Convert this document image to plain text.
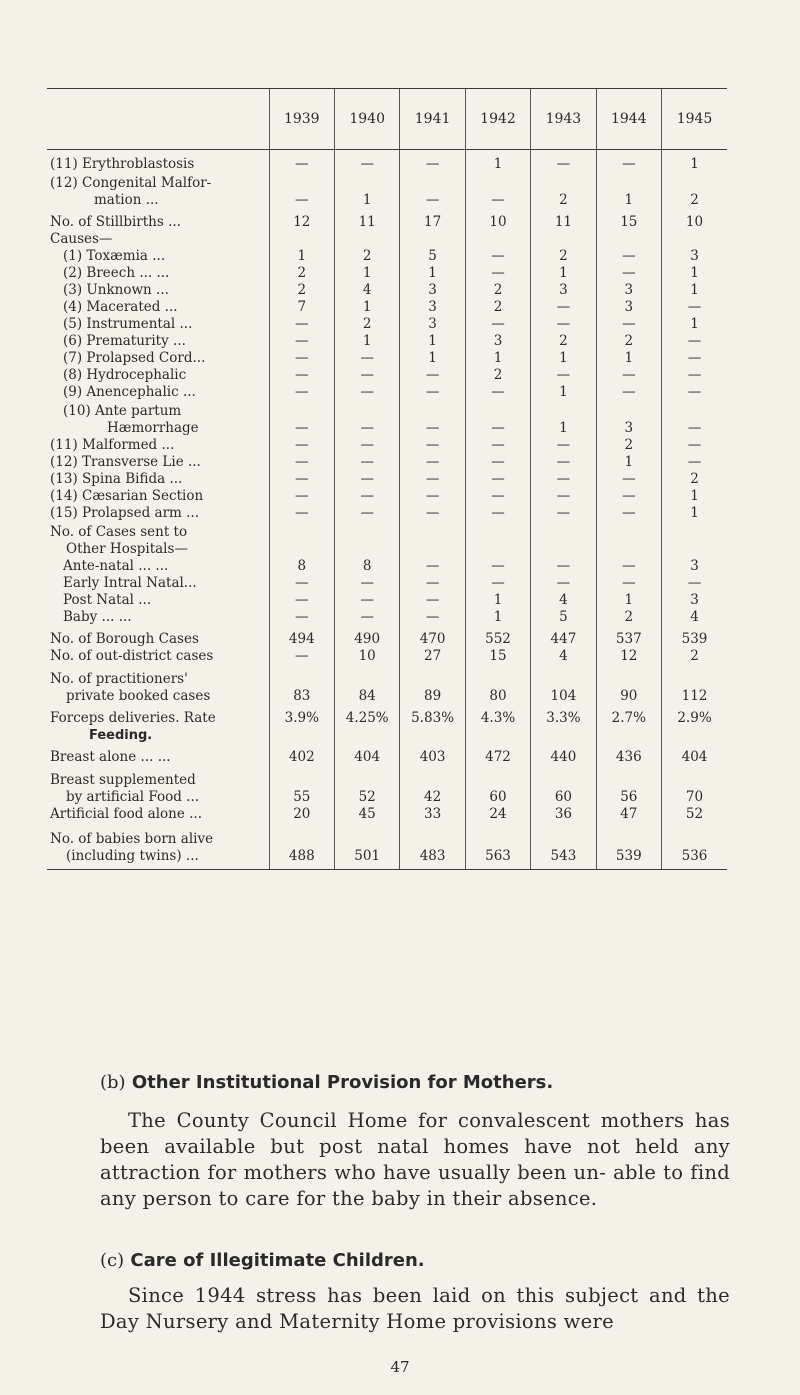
	1939	1940	1941	1942	1943	1944	1945

(11) Erythroblastosis	—	—	—	1	—	—	1

(12) Congenital Malfor-
mation ...	—	1	—	—	2	1	2

No. of Stillbirths ...	12	11	17	10	11	15	10

Causes—							

(1) Toxæmia ...	1	2	5	—	2	—	3

(2) Breech ... ...	2	1	1	—	1	—	1

(3) Unknown ...	2	4	3	2	3	3	1

(4) Macerated ...	7	1	3	2	—	3	—

(5) Instrumental ...	—	2	3	—	—	—	1

(6) Prematurity ...	—	1	1	3	2	2	—

(7) Prolapsed Cord...	—	—	1	1	1	1	—

(8) Hydrocephalic	—	—	—	2	—	—	—

(9) Anencephalic ...	—	—	—	—	1	—	—

(10) Ante partum
Hæmorrhage	—	—	—	—	1	3	—

(11) Malformed ...	—	—	—	—	—	2	—

(12) Transverse Lie ...	—	—	—	—	—	1	—

(13) Spina Bifida ...	—	—	—	—	—	—	2

(14) Cæsarian Section	—	—	—	—	—	—	1

(15) Prolapsed arm ...	—	—	—	—	—	—	1

No. of Cases sent to
Other Hospitals—							

Ante-natal ... ...	8	8	—	—	—	—	3

Early Intral Natal...	—	—	—	—	—	—	—

Post Natal ...	—	—	—	1	4	1	3

Baby ... ...	—	—	—	1	5	2	4

No. of Borough Cases	494	490	470	552	447	537	539

No. of out-district cases	—	10	27	15	4	12	2

No. of practitioners'
private booked cases	83	84	89	80	104	90	112

Forceps deliveries. Rate	3.9%	4.25%	5.83%	4.3%	3.3%	2.7%	2.9%

Feeding.							

Breast alone ... ...	402	404	403	472	440	436	404

Breast supplemented
by artificial Food ...	55	52	42	60	60	56	70

Artificial food alone ...	20	45	33	24	36	47	52

No. of babies born alive
(including twins) ...	488	501	483	563	543	539	536
(b) Other Institutional Provision for Mothers.
The County Council Home for convalescent mothers has been available but post natal homes have not held any attraction for mothers who have usually been un- able to find any person to care for the baby in their absence.
(c) Care of Illegitimate Children.
Since 1944 stress has been laid on this subject and the Day Nursery and Maternity Home provisions were
47
